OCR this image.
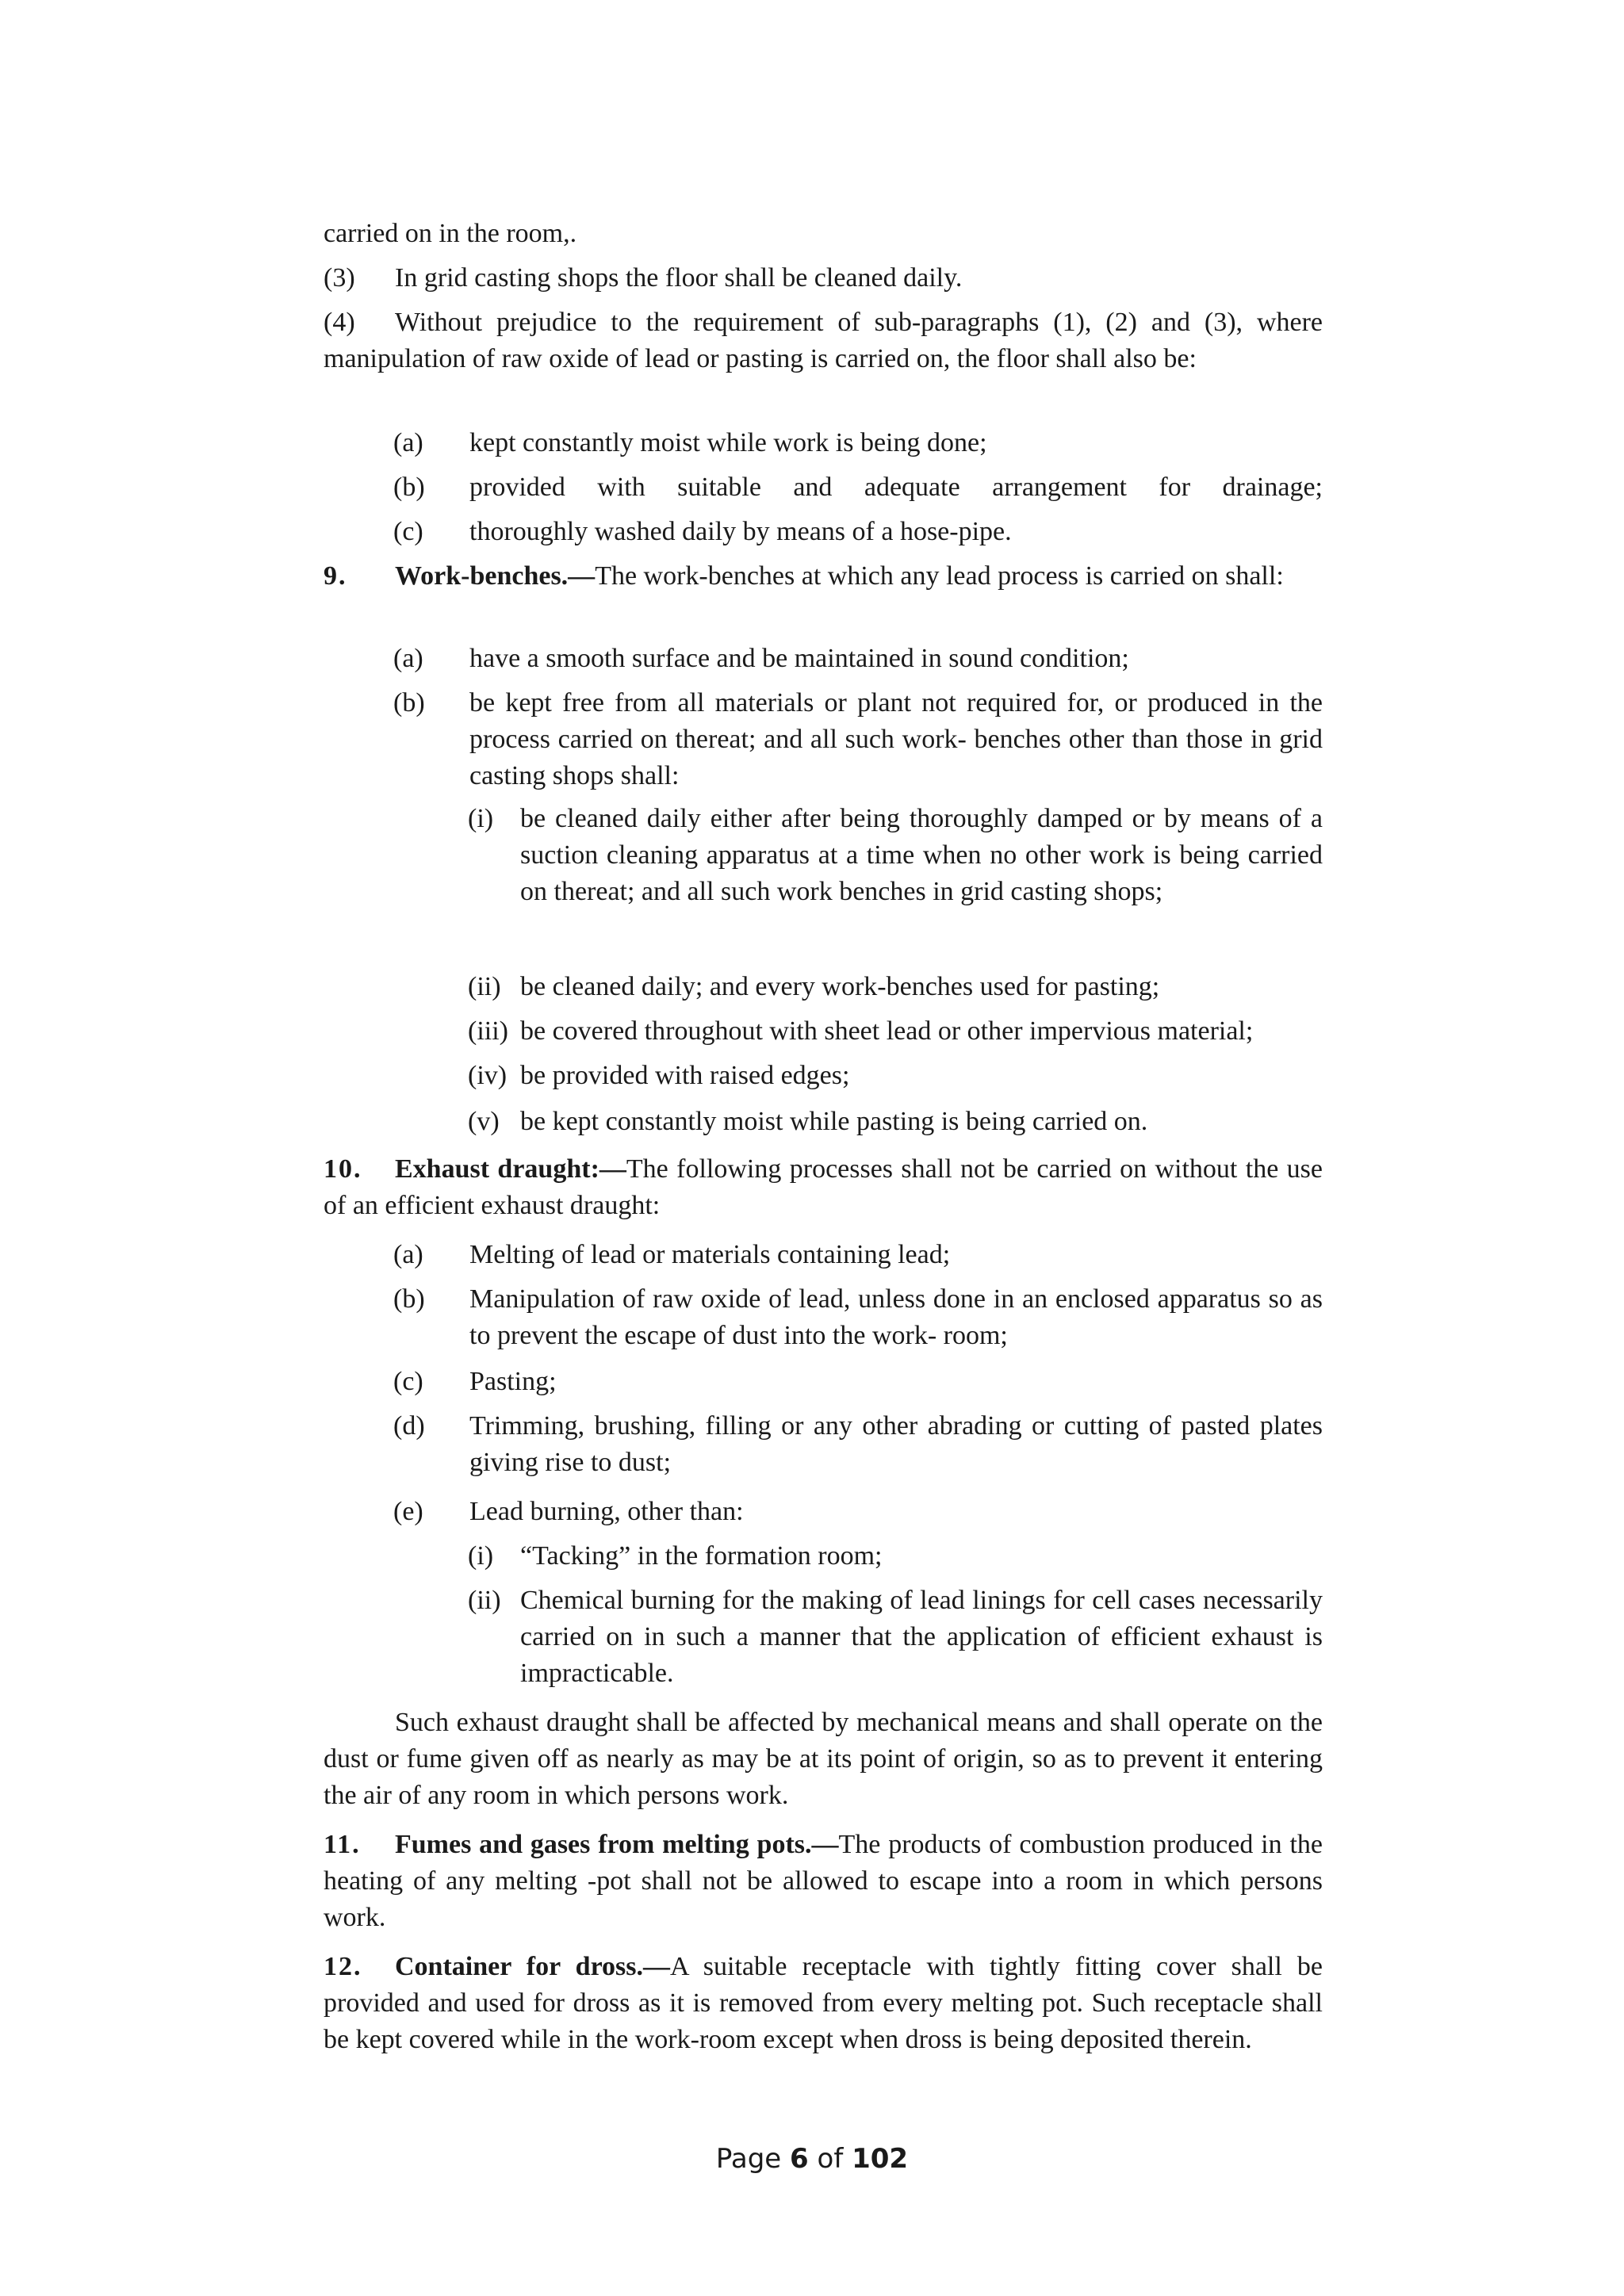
carried on in the room,.

(3)	In grid casting shops the floor shall be cleaned daily.

(4)	Without prejudice to the requirement of sub-paragraphs (1), (2) and (3), where manipulation of raw oxide of lead or pasting is carried on, the floor shall also be:

(a)	kept constantly moist while work is being done;

(b)	provided with suitable and adequate arrangement for drainage;

(c)	thoroughly washed daily by means of a hose-pipe.

9. Work-benches.—The work-benches at which any lead process is carried on shall:

(a)	have a smooth surface and be maintained in sound condition;

(b)	be kept free from all materials or plant not required for, or produced in the process carried on thereat; and all such work- benches other than those in grid casting shops shall:

(i) be cleaned daily either after being thoroughly damped or by means of a suction cleaning apparatus at a time when no other work is being carried on thereat; and all such work benches in grid casting shops;

(ii) be cleaned daily; and every work-benches used for pasting;

(iii) be covered throughout with sheet lead or other impervious material;

(iv) be provided with raised edges;

(v) be kept constantly moist while pasting is being carried on.

10. Exhaust draught:—The following processes shall not be carried on without the use of an efficient exhaust draught:

(a)	Melting of lead or materials containing lead;

(b)	Manipulation of raw oxide of lead, unless done in an enclosed apparatus so as to prevent the escape of dust into the work- room;

(c)	Pasting;

(d)	Trimming, brushing, filling or any other abrading or cutting of pasted plates giving rise to dust;

(e)	Lead burning, other than:

(i) “Tacking” in the formation room;

(ii) Chemical burning for the making of lead linings for cell cases necessarily carried on in such a manner that the application of efficient exhaust is impracticable.

Such exhaust draught shall be affected by mechanical means and shall operate on the dust or fume given off as nearly as may be at its point of origin, so as to prevent it entering the air of any room in which persons work.

11. Fumes and gases from melting pots.—The products of combustion produced in the heating of any melting -pot shall not be allowed to escape into a room in which persons work.

12. Container for dross.—A suitable receptacle with tightly fitting cover shall be provided and used for dross as it is removed from every melting pot. Such receptacle shall be kept covered while in the work-room except when dross is being deposited therein.

Page 6 of 102
